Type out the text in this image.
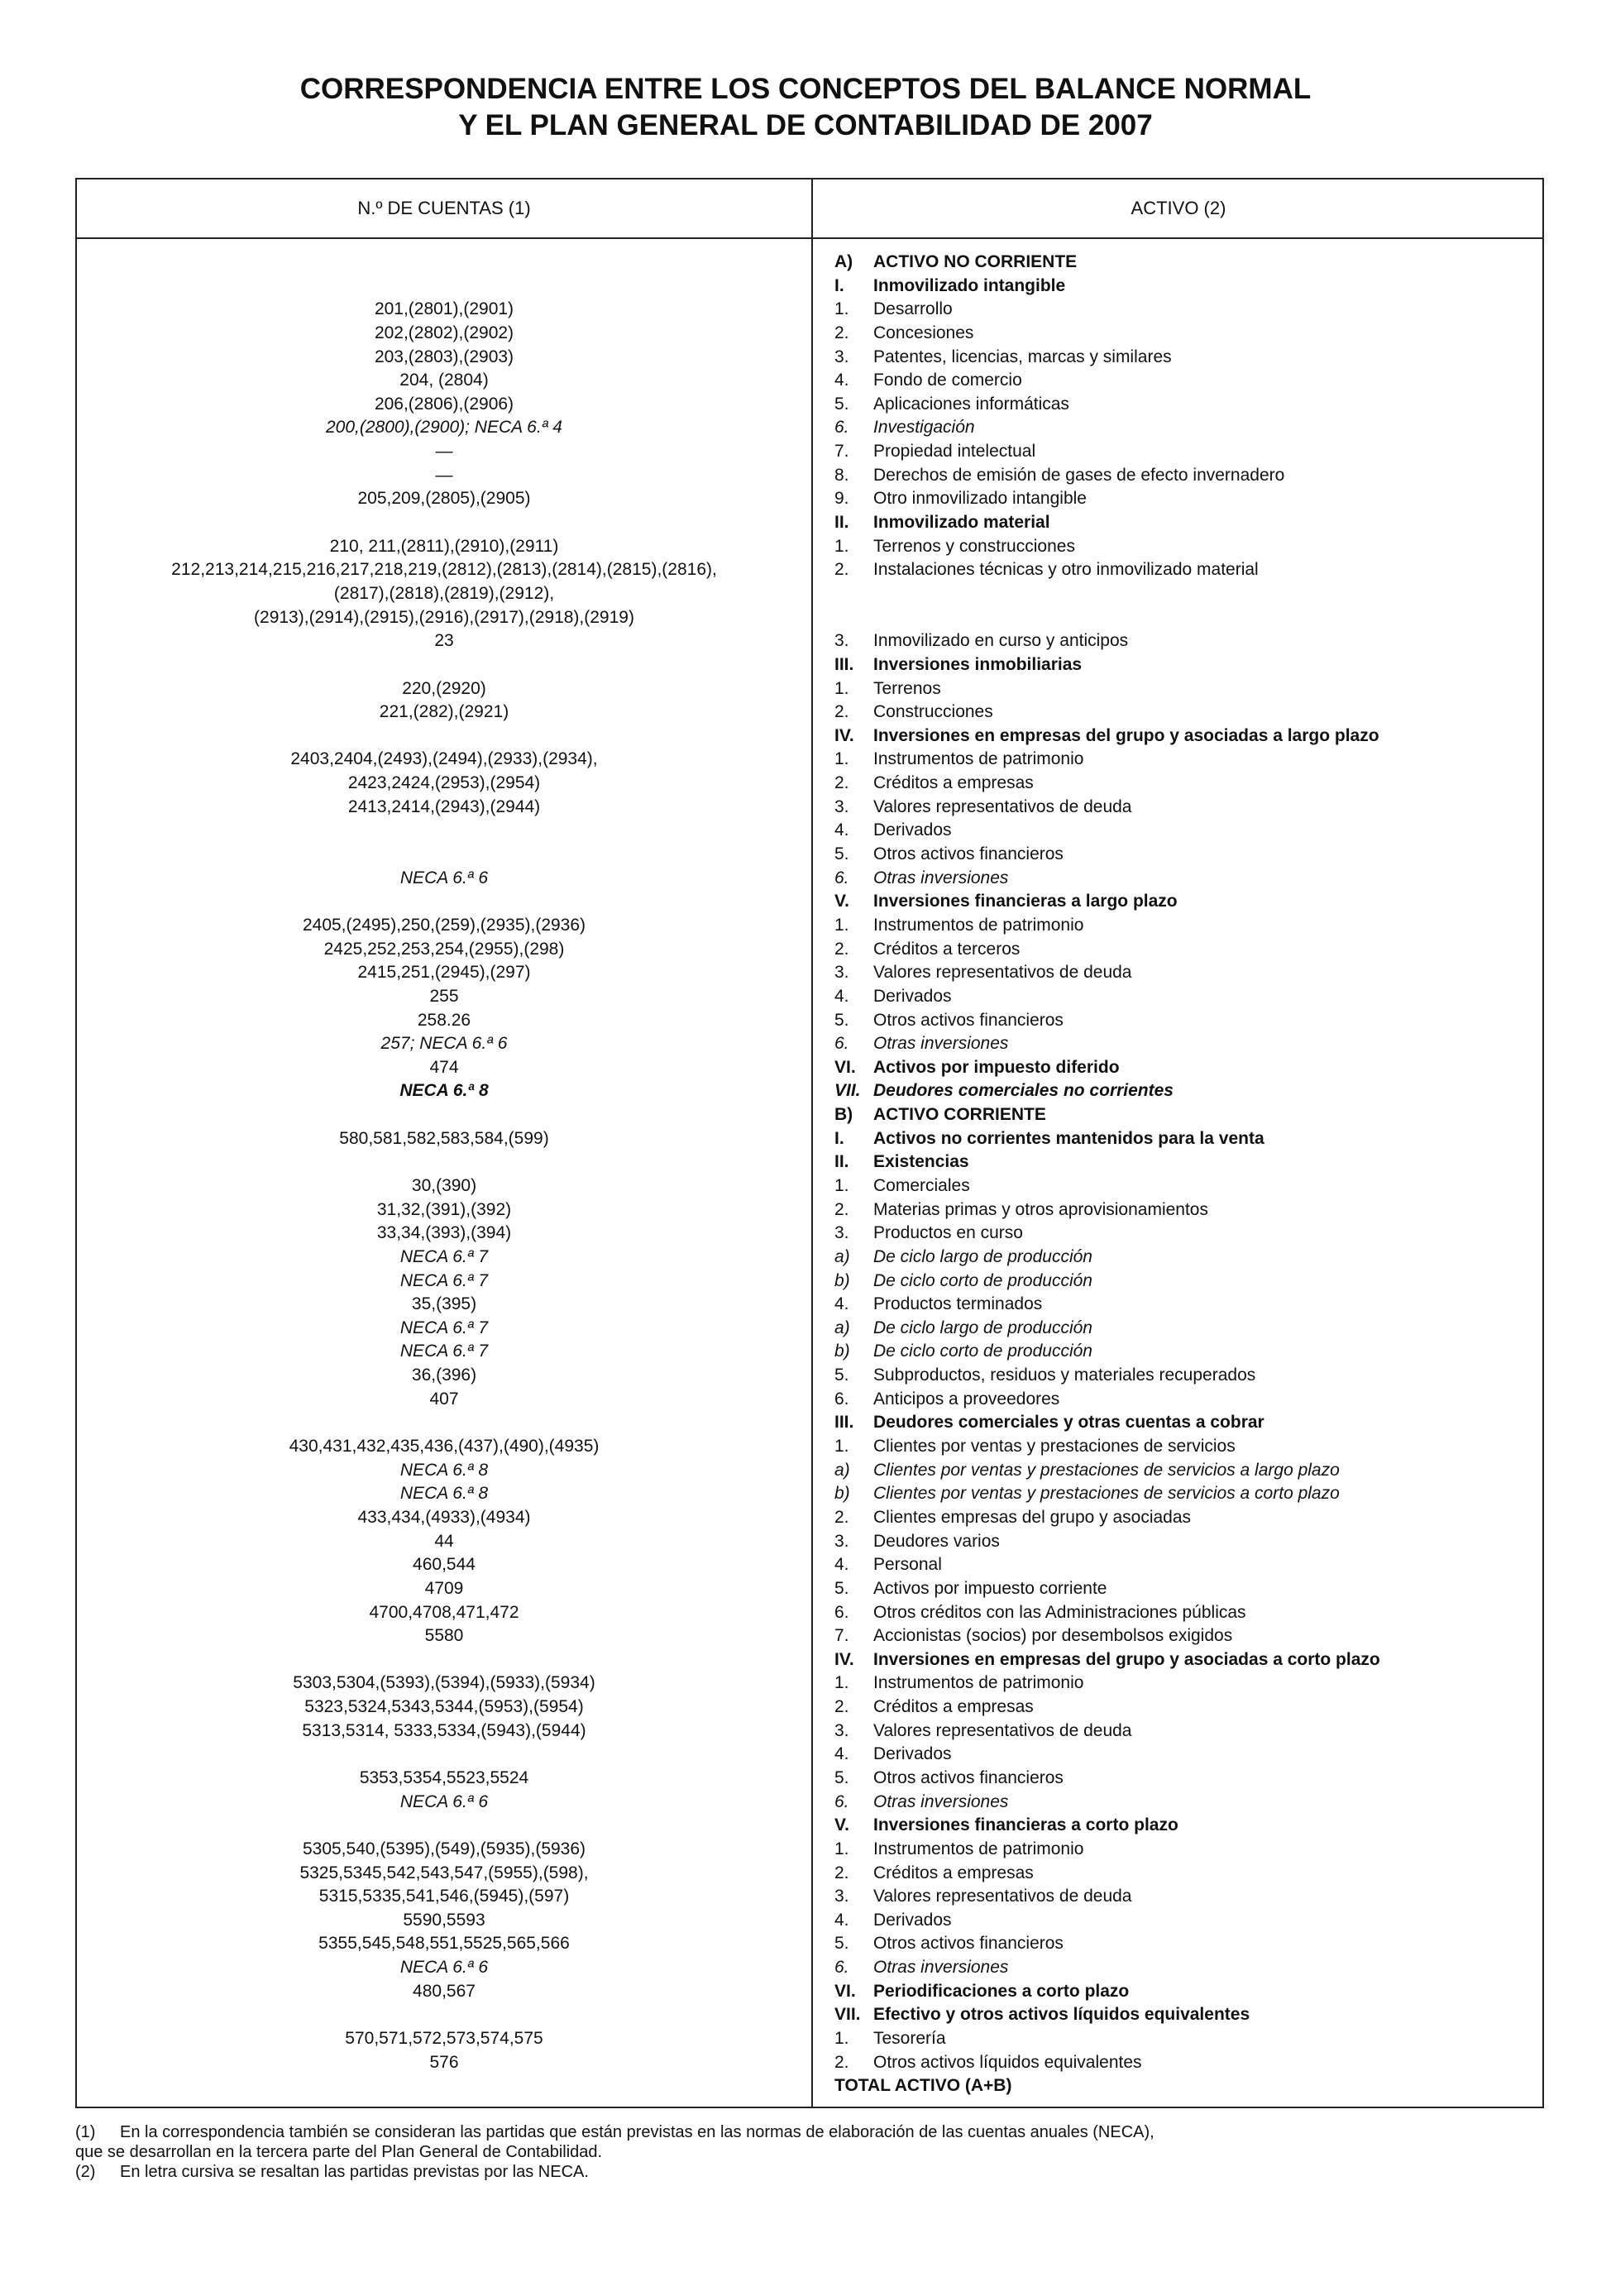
CORRESPONDENCIA ENTRE LOS CONCEPTOS DEL BALANCE NORMAL
Y EL PLAN GENERAL DE CONTABILIDAD DE 2007
N.º DE CUENTAS (1)	ACTIVO (2)
201,(2801),(2901)
202,(2802),(2902)
203,(2803),(2903)
204, (2804)
206,(2806),(2906)
200,(2800),(2900); NECA 6.ª 4
—
—
205,209,(2805),(2905)
210, 211,(2811),(2910),(2911)
212,213,214,215,216,217,218,219,(2812),(2813),(2814),(2815),(2816),
(2817),(2818),(2819),(2912),
(2913),(2914),(2915),(2916),(2917),(2918),(2919)
23
220,(2920)
221,(282),(2921)
2403,2404,(2493),(2494),(2933),(2934),
2423,2424,(2953),(2954)
2413,2414,(2943),(2944)
NECA 6.ª 6
2405,(2495),250,(259),(2935),(2936)
2425,252,253,254,(2955),(298)
2415,251,(2945),(297)
255
258.26
257; NECA 6.ª 6
474
NECA 6.ª 8
580,581,582,583,584,(599)
30,(390)
31,32,(391),(392)
33,34,(393),(394)
NECA 6.ª 7
NECA 6.ª 7
35,(395)
NECA 6.ª 7
NECA 6.ª 7
36,(396)
407
430,431,432,435,436,(437),(490),(4935)
NECA 6.ª 8
NECA 6.ª 8
433,434,(4933),(4934)
44
460,544
4709
4700,4708,471,472
5580
5303,5304,(5393),(5394),(5933),(5934)
5323,5324,5343,5344,(5953),(5954)
5313,5314, 5333,5334,(5943),(5944)
5353,5354,5523,5524
NECA 6.ª 6
5305,540,(5395),(549),(5935),(5936)
5325,5345,542,543,547,(5955),(598),
5315,5335,541,546,(5945),(597)
5590,5593
5355,545,548,551,5525,565,566
NECA 6.ª 6
480,567
570,571,572,573,574,575
576
A) ACTIVO NO CORRIENTE
I. Inmovilizado intangible
1. Desarrollo
2. Concesiones
3. Patentes, licencias, marcas y similares
4. Fondo de comercio
5. Aplicaciones informáticas
6. Investigación
7. Propiedad intelectual
8. Derechos de emisión de gases de efecto invernadero
9. Otro inmovilizado intangible
II. Inmovilizado material
1. Terrenos y construcciones
2. Instalaciones técnicas y otro inmovilizado material
3. Inmovilizado en curso y anticipos
III. Inversiones inmobiliarias
1. Terrenos
2. Construcciones
IV. Inversiones en empresas del grupo y asociadas a largo plazo
1. Instrumentos de patrimonio
2. Créditos a empresas
3. Valores representativos de deuda
4. Derivados
5. Otros activos financieros
6. Otras inversiones
V. Inversiones financieras a largo plazo
1. Instrumentos de patrimonio
2. Créditos a terceros
3. Valores representativos de deuda
4. Derivados
5. Otros activos financieros
6. Otras inversiones
VI. Activos por impuesto diferido
VII. Deudores comerciales no corrientes
B) ACTIVO CORRIENTE
I. Activos no corrientes mantenidos para la venta
II. Existencias
1. Comerciales
2. Materias primas y otros aprovisionamientos
3. Productos en curso
a) De ciclo largo de producción
b) De ciclo corto de producción
4. Productos terminados
a) De ciclo largo de producción
b) De ciclo corto de producción
5. Subproductos, residuos y materiales recuperados
6. Anticipos a proveedores
III. Deudores comerciales y otras cuentas a cobrar
1. Clientes por ventas y prestaciones de servicios
a) Clientes por ventas y prestaciones de servicios a largo plazo
b) Clientes por ventas y prestaciones de servicios a corto plazo
2. Clientes empresas del grupo y asociadas
3. Deudores varios
4. Personal
5. Activos por impuesto corriente
6. Otros créditos con las Administraciones públicas
7. Accionistas (socios) por desembolsos exigidos
IV. Inversiones en empresas del grupo y asociadas a corto plazo
1. Instrumentos de patrimonio
2. Créditos a empresas
3. Valores representativos de deuda
4. Derivados
5. Otros activos financieros
6. Otras inversiones
V. Inversiones financieras a corto plazo
1. Instrumentos de patrimonio
2. Créditos a empresas
3. Valores representativos de deuda
4. Derivados
5. Otros activos financieros
6. Otras inversiones
VI. Periodificaciones a corto plazo
VII. Efectivo y otros activos líquidos equivalentes
1. Tesorería
2. Otros activos líquidos equivalentes
TOTAL ACTIVO (A+B)
(1) En la correspondencia también se consideran las partidas que están previstas en las normas de elaboración de las cuentas anuales (NECA),
que se desarrollan en la tercera parte del Plan General de Contabilidad.
(2) En letra cursiva se resaltan las partidas previstas por las NECA.
